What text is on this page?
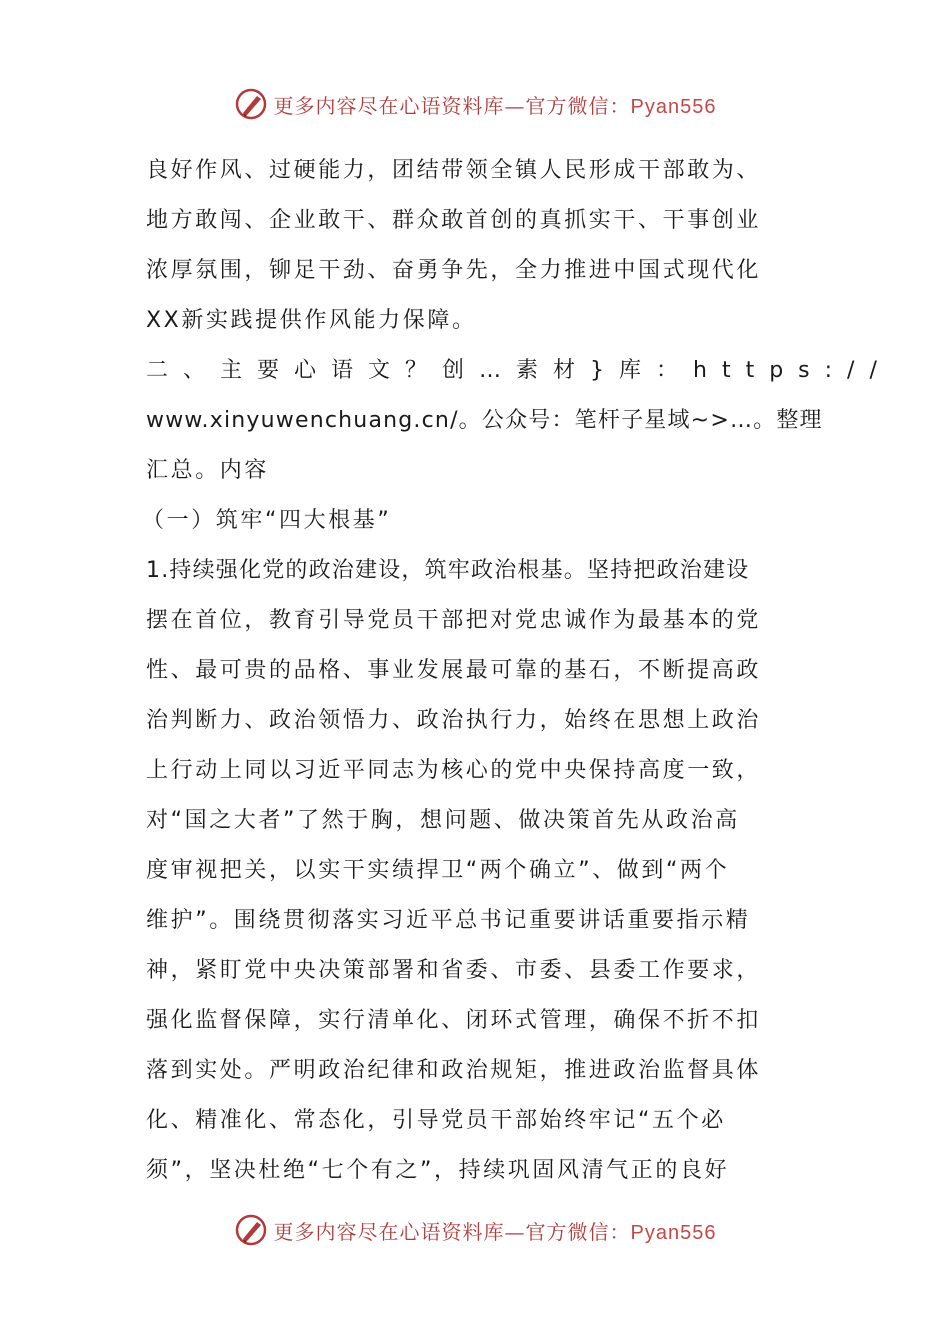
更多内容尽在心语资料库—官方微信：Pyan556
良好作风、过硬能力，团结带领全镇人民形成干部敢为、
地方敢闯、企业敢干、群众敢首创的真抓实干、干事创业
浓厚氛围，铆足干劲、奋勇争先，全力推进中国式现代化
XX新实践提供作风能力保障。
二、主要心语文？创…素材}库：https://
www.xinyuwenchuang.cn/。公众号：笔杆子星域~>…。整理
汇总。内容
（一）筑牢“四大根基”
1.持续强化党的政治建设，筑牢政治根基。坚持把政治建设
摆在首位，教育引导党员干部把对党忠诚作为最基本的党
性、最可贵的品格、事业发展最可靠的基石，不断提高政
治判断力、政治领悟力、政治执行力，始终在思想上政治
上行动上同以习近平同志为核心的党中央保持高度一致，
对“国之大者”了然于胸，想问题、做决策首先从政治高
度审视把关，以实干实绩捍卫“两个确立”、做到“两个
维护”。围绕贯彻落实习近平总书记重要讲话重要指示精
神，紧盯党中央决策部署和省委、市委、县委工作要求，
强化监督保障，实行清单化、闭环式管理，确保不折不扣
落到实处。严明政治纪律和政治规矩，推进政治监督具体
化、精准化、常态化，引导党员干部始终牢记“五个必
须”，坚决杜绝“七个有之”，持续巩固风清气正的良好
更多内容尽在心语资料库—官方微信：Pyan556
